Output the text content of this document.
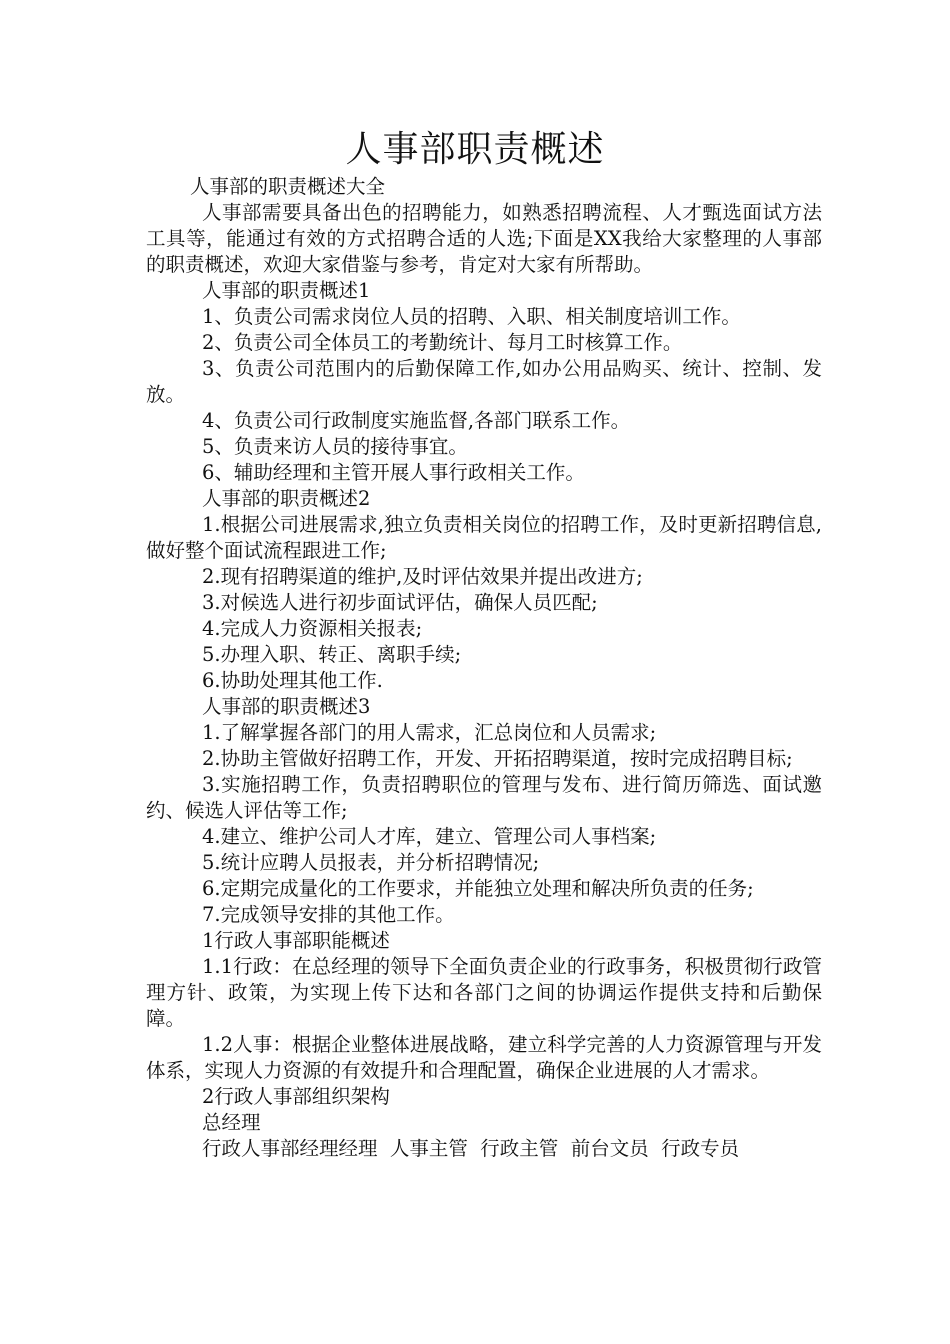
人事部职责概述

人事部的职责概述大全

人事部需要具备出色的招聘能力，如熟悉招聘流程、人才甄选面试方法工具等，能通过有效的方式招聘合适的人选;下面是XX我给大家整理的人事部的职责概述，欢迎大家借鉴与参考，肯定对大家有所帮助。

人事部的职责概述1

1、负责公司需求岗位人员的招聘、入职、相关制度培训工作。

2、负责公司全体员工的考勤统计、每月工时核算工作。

3、负责公司范围内的后勤保障工作,如办公用品购买、统计、控制、发放。

4、负责公司行政制度实施监督,各部门联系工作。

5、负责来访人员的接待事宜。

6、辅助经理和主管开展人事行政相关工作。

人事部的职责概述2

1.根据公司进展需求,独立负责相关岗位的招聘工作，及时更新招聘信息,做好整个面试流程跟进工作;

2.现有招聘渠道的维护,及时评估效果并提出改进方;

3.对候选人进行初步面试评估，确保人员匹配;

4.完成人力资源相关报表;

5.办理入职、转正、离职手续;

6.协助处理其他工作.

人事部的职责概述3

1.了解掌握各部门的用人需求，汇总岗位和人员需求;

2.协助主管做好招聘工作，开发、开拓招聘渠道，按时完成招聘目标;

3.实施招聘工作，负责招聘职位的管理与发布、进行简历筛选、面试邀约、候选人评估等工作;

4.建立、维护公司人才库，建立、管理公司人事档案;

5.统计应聘人员报表，并分析招聘情况;

6.定期完成量化的工作要求，并能独立处理和解决所负责的任务;

7.完成领导安排的其他工作。

1行政人事部职能概述

1.1行政：在总经理的领导下全面负责企业的行政事务，积极贯彻行政管理方针、政策，为实现上传下达和各部门之间的协调运作提供支持和后勤保障。

1.2人事：根据企业整体进展战略，建立科学完善的人力资源管理与开发体系，实现人力资源的有效提升和合理配置，确保企业进展的人才需求。

2行政人事部组织架构

总经理

行政人事部经理经理  人事主管  行政主管  前台文员  行政专员
